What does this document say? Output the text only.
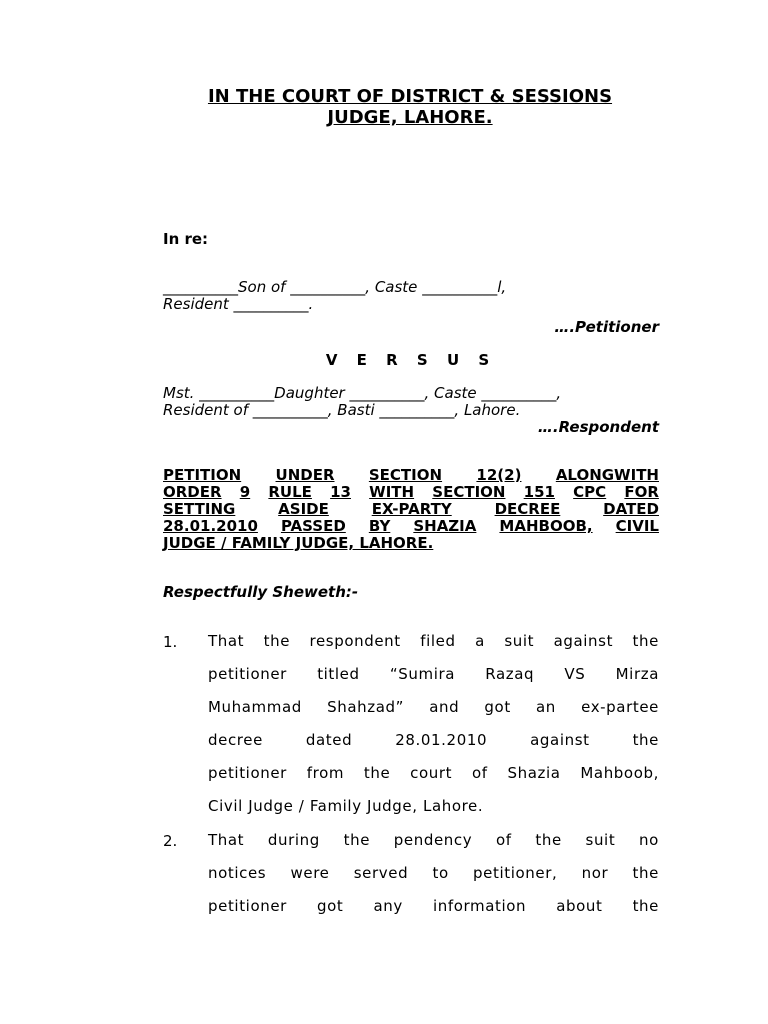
IN THE COURT OF DISTRICT & SESSIONS
JUDGE, LAHORE.
In re:
__________Son of __________, Caste __________l,
Resident __________.
….Petitioner
V E R S U S
Mst. __________Daughter __________, Caste __________,
Resident of __________, Basti __________, Lahore.
….Respondent
PETITION UNDER SECTION 12(2) ALONGWITH
ORDER 9 RULE 13 WITH SECTION 151 CPC FOR
SETTING	ASIDE	EX-PARTY	DECREE	DATED
28.01.2010 PASSED BY SHAZIA MAHBOOB, CIVIL
JUDGE / FAMILY JUDGE, LAHORE.
Respectfully Sheweth:-
1. That the respondent filed a suit against the
petitioner titled “Sumira Razaq VS Mirza
Muhammad Shahzad” and got an ex-partee
decree	dated	28.01.2010	against	the
petitioner from the court of Shazia Mahboob,
Civil Judge / Family Judge, Lahore.
2. That during the pendency of the suit no
notices were served to petitioner, nor the
petitioner got any information about the
